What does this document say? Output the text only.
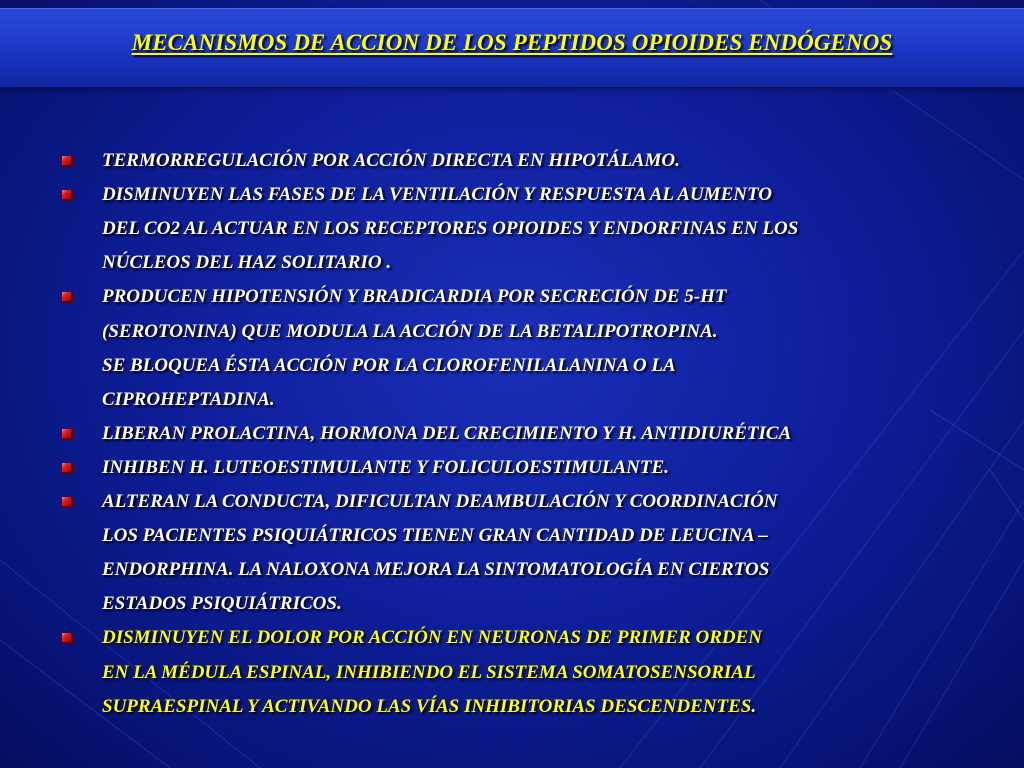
MECANISMOS DE ACCION DE LOS PEPTIDOS OPIOIDES ENDÓGENOS
TERMORREGULACIÓN POR ACCIÓN DIRECTA EN HIPOTÁLAMO.
DISMINUYEN LAS FASES DE LA VENTILACIÓN Y RESPUESTA AL AUMENTO
DEL CO2 AL ACTUAR EN LOS RECEPTORES OPIOIDES Y ENDORFINAS EN LOS
NÚCLEOS DEL HAZ SOLITARIO .
PRODUCEN HIPOTENSIÓN Y BRADICARDIA POR SECRECIÓN DE 5-HT
(SEROTONINA) QUE MODULA LA ACCIÓN DE LA BETALIPOTROPINA.
SE BLOQUEA ÉSTA ACCIÓN POR LA CLOROFENILALANINA O LA
CIPROHEPTADINA.
LIBERAN PROLACTINA, HORMONA DEL CRECIMIENTO Y H. ANTIDIURÉTICA
INHIBEN H. LUTEOESTIMULANTE Y FOLICULOESTIMULANTE.
ALTERAN LA CONDUCTA, DIFICULTAN DEAMBULACIÓN Y COORDINACIÓN
LOS PACIENTES PSIQUIÁTRICOS TIENEN GRAN CANTIDAD DE LEUCINA –
ENDORPHINA. LA NALOXONA MEJORA LA SINTOMATOLOGÍA EN CIERTOS
ESTADOS PSIQUIÁTRICOS.
DISMINUYEN EL DOLOR POR ACCIÓN EN NEURONAS DE PRIMER ORDEN
EN LA MÉDULA ESPINAL, INHIBIENDO EL SISTEMA SOMATOSENSORIAL
SUPRAESPINAL Y ACTIVANDO LAS VÍAS INHIBITORIAS DESCENDENTES.
